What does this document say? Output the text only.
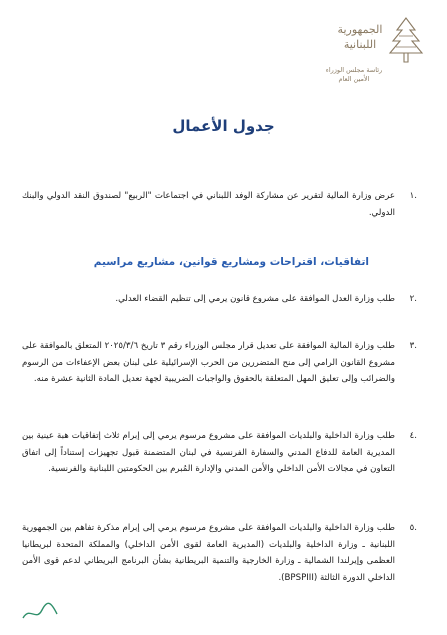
الجمهورية اللبنانية
رئاسة مجلس الوزراء
الأمين العام
جدول الأعمال
.١
عرض وزارة المالية لتقرير عن مشاركة الوفد اللبناني في اجتماعات "الربيع" لصندوق النقد الدولي والبنك الدولي.
اتفاقيات، اقتراحات ومشاريع قوانين، مشاريع مراسيم
.٢
طلب وزارة العدل الموافقة على مشروع قانون يرمي إلى تنظيم القضاء العدلي.
.٣
طلب وزارة المالية الموافقة على تعديل قرار مجلس الوزراء رقم ٣ تاريخ ٢٠٢٥/٣/٦ المتعلق بالموافقة على مشروع القانون الرامي إلى منح المتضررين من الحرب الإسرائيلية على لبنان بعض الإعفاءات من الرسوم والضرائب وإلى تعليق المهل المتعلقة بالحقوق والواجبات الضريبية لجهة تعديل المادة الثانية عشرة منه.
.٤
طلب وزارة الداخلية والبلديات الموافقة على مشروع مرسوم يرمي إلى إبرام ثلاث إتفاقيات هبة عينية بين المديرية العامة للدفاع المدني والسفارة الفرنسية في لبنان المتضمنة قبول تجهيزات إستناداً إلى اتفاق التعاون في مجالات الأمن الداخلي والأمن المدني والإدارة المُبرم بين الحكومتين اللبنانية والفرنسية.
.٥
طلب وزارة الداخلية والبلديات الموافقة على مشروع مرسوم يرمي إلى إبرام مذكرة تفاهم بين الجمهورية اللبنانية ـ وزارة الداخلية والبلديات (المديرية العامة لقوى الأمن الداخلي) والمملكة المتحدة لبريطانيا العظمى وإيرلندا الشمالية ـ وزارة الخارجية والتنمية البريطانية بشأن البرنامج البريطاني لدعم قوى الأمن الداخلي الدورة الثالثة (BPSPIII).
